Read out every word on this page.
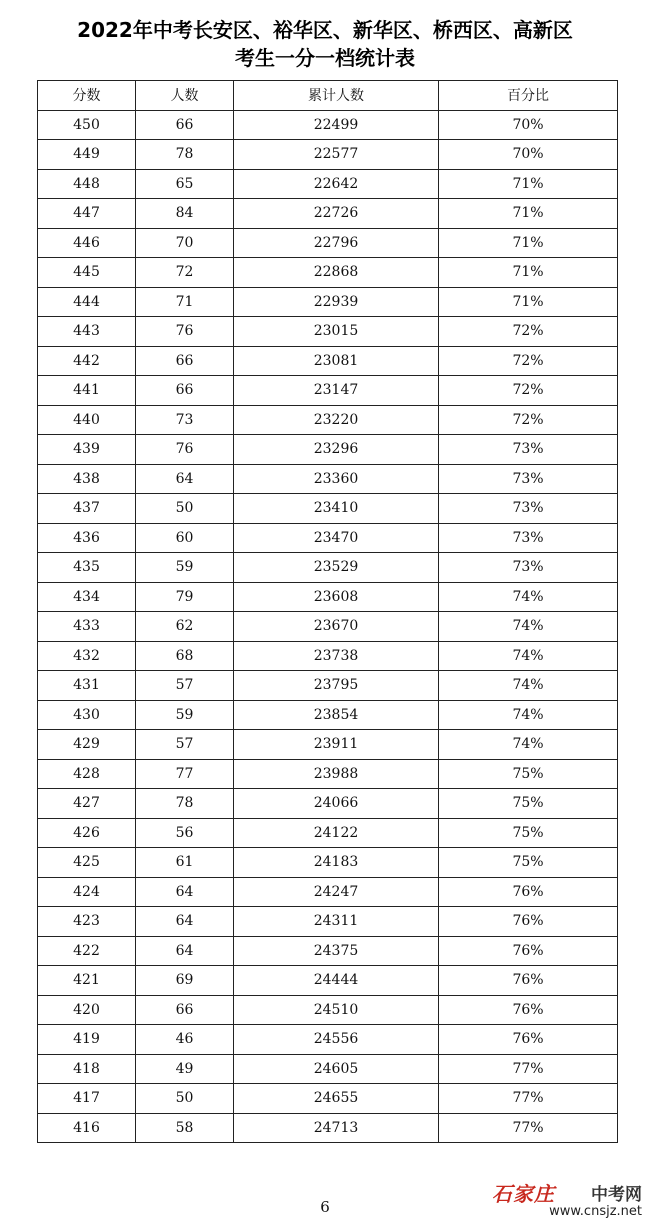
2022年中考长安区、裕华区、新华区、桥西区、高新区
考生一分一档统计表
分数	人数	累计人数	百分比
450	66	22499	70%
449	78	22577	70%
448	65	22642	71%
447	84	22726	71%
446	70	22796	71%
445	72	22868	71%
444	71	22939	71%
443	76	23015	72%
442	66	23081	72%
441	66	23147	72%
440	73	23220	72%
439	76	23296	73%
438	64	23360	73%
437	50	23410	73%
436	60	23470	73%
435	59	23529	73%
434	79	23608	74%
433	62	23670	74%
432	68	23738	74%
431	57	23795	74%
430	59	23854	74%
429	57	23911	74%
428	77	23988	75%
427	78	24066	75%
426	56	24122	75%
425	61	24183	75%
424	64	24247	76%
423	64	24311	76%
422	64	24375	76%
421	69	24444	76%
420	66	24510	76%
419	46	24556	76%
418	49	24605	77%
417	50	24655	77%
416	58	24713	77%
6
石家庄 中考网
www.cnsjz.net
